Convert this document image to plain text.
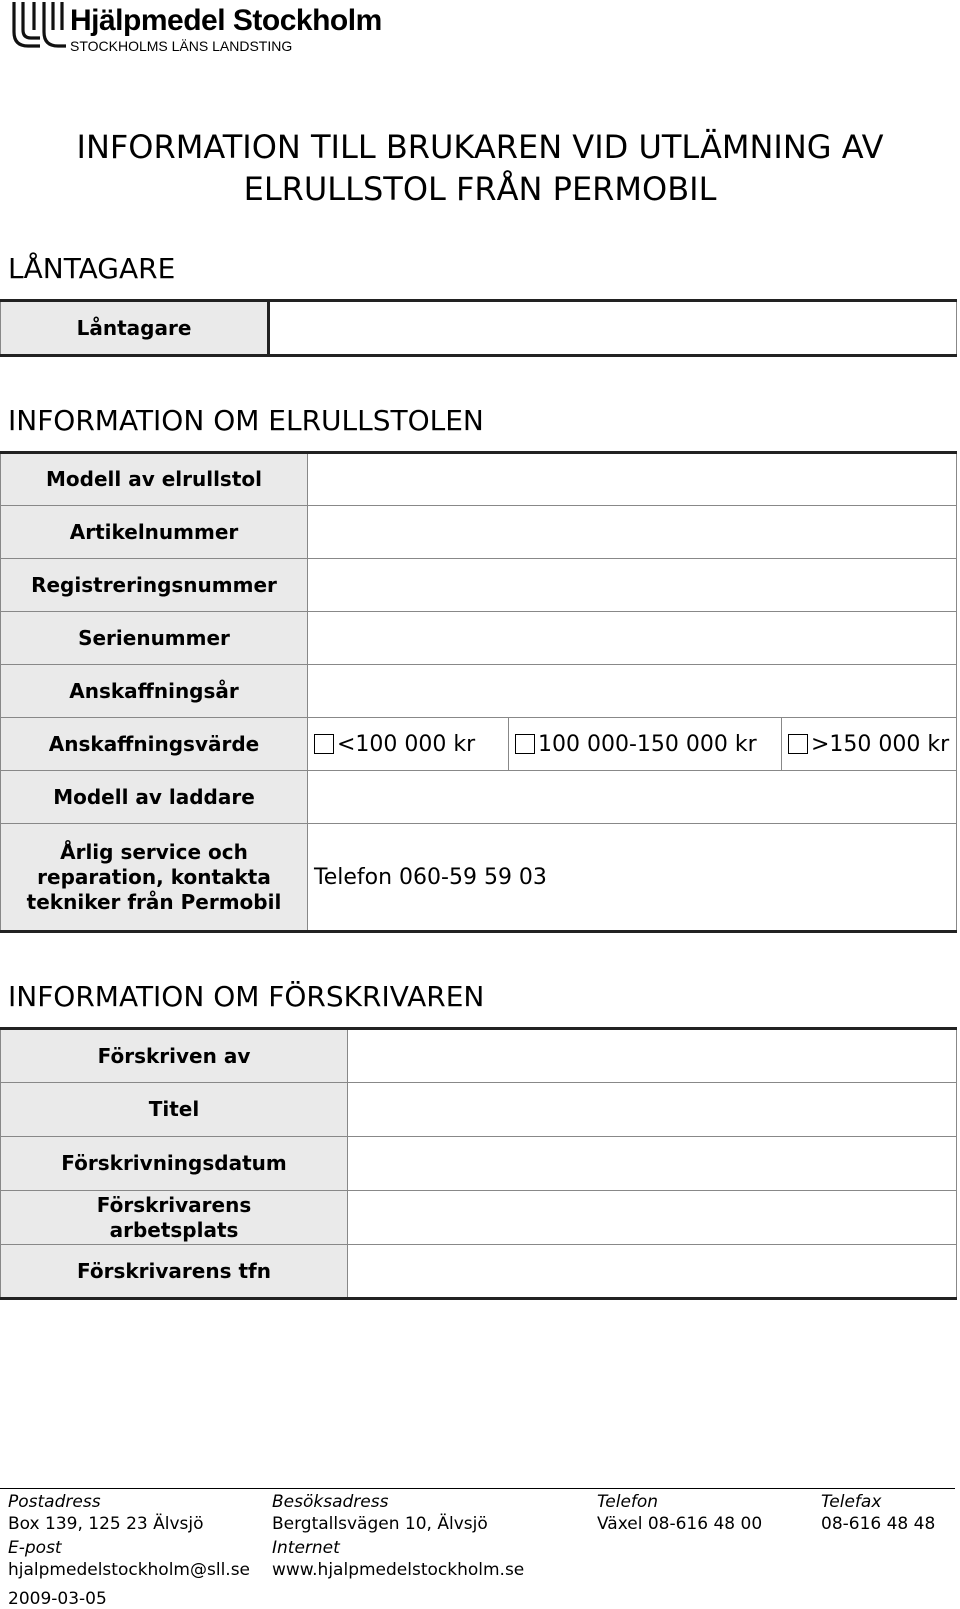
Hjälpmedel Stockholm
STOCKHOLMS LÄNS LANDSTING
INFORMATION TILL BRUKAREN VID UTLÄMNING AV
ELRULLSTOL FRÅN PERMOBIL
LÅNTAGARE
Låntagare	
INFORMATION OM ELRULLSTOLEN
Modell av elrullstol			
Artikelnummer			
Registreringsnummer			
Serienummer			
Anskaffningsår			
Anskaffningsvärde	<100 000 kr	100 000-150 000 kr	>150 000 kr
Modell av laddare			
Årlig service och reparation, kontakta tekniker från Permobil	Telefon 060-59 59 03		
INFORMATION OM FÖRSKRIVAREN
Förskriven av	
Titel	
Förskrivningsdatum	
Förskrivarens arbetsplats	
Förskrivarens tfn	
Postadress
Box 139, 125 23 Älvsjö
Besöksadress
Bergtallsvägen 10, Älvsjö
Telefon
Växel 08-616 48 00
Telefax
08-616 48 48
E-post
hjalpmedelstockholm@sll.se
Internet
www.hjalpmedelstockholm.se
2009-03-05
